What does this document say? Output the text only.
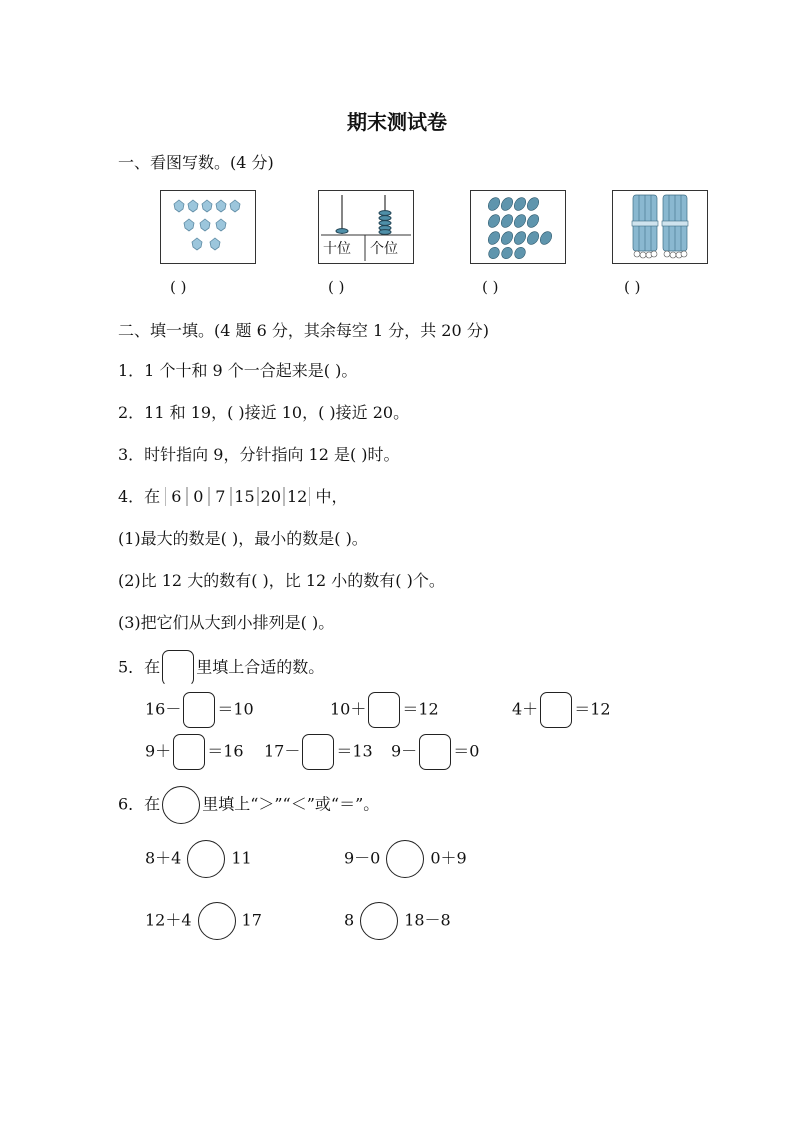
期末测试卷
一、看图写数。(4 分)
十位 个位
( )	( )	( )	( )
二、填一填。(4 题 6 分，其余每空 1 分，共 20 分)
1．1 个十和 9 个一合起来是( )。
2．11 和 19，( )接近 10，( )接近 20。
3．时针指向 9，分针指向 12 是( )时。
4．在 6 0 7 15 20 12 中，
(1)最大的数是( )，最小的数是( )。
(2)比 12 大的数有( )，比 12 小的数有( )个。
(3)把它们从大到小排列是( )。
5．在 里填上合适的数。
16－ ＝10	10＋ ＝12	4＋ ＝12
9＋ ＝16 17－ ＝13 9－ ＝0
6．在	里填上“＞”“＜”或“＝”。
8＋4	11	9－0	0＋9
12＋4	17	8	18－8
